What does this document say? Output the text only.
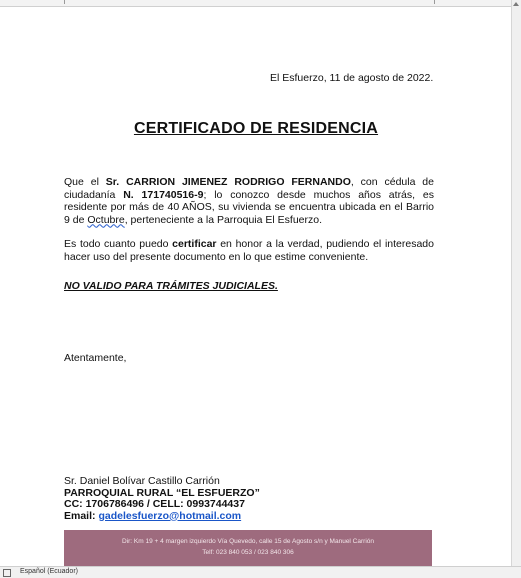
El Esfuerzo, 11 de agosto de 2022.
CERTIFICADO DE RESIDENCIA
Que el Sr. CARRION JIMENEZ RODRIGO FERNANDO, con cédula de ciudadanía N. 171740516-9; lo conozco desde muchos años atrás, es residente por más de 40 AÑOS, su vivienda se encuentra ubicada en el Barrio 9 de Octubre, perteneciente a la Parroquia El Esfuerzo.
Es todo cuanto puedo certificar en honor a la verdad, pudiendo el interesado hacer uso del presente documento en lo que estime conveniente.
NO VALIDO PARA TRÁMITES JUDICIALES.
Atentamente,
Sr. Daniel Bolívar Castillo Carrión
PARROQUIAL RURAL “EL ESFUERZO”
CC: 1706786496 / CELL: 0993744437
Email: gadelesfuerzo@hotmail.com
Dir: Km 19 + 4 margen izquierdo Vía Quevedo, calle 15 de Agosto s/n y Manuel Carrión
Telf: 023 840 053 / 023 840 306
Español (Ecuador)
